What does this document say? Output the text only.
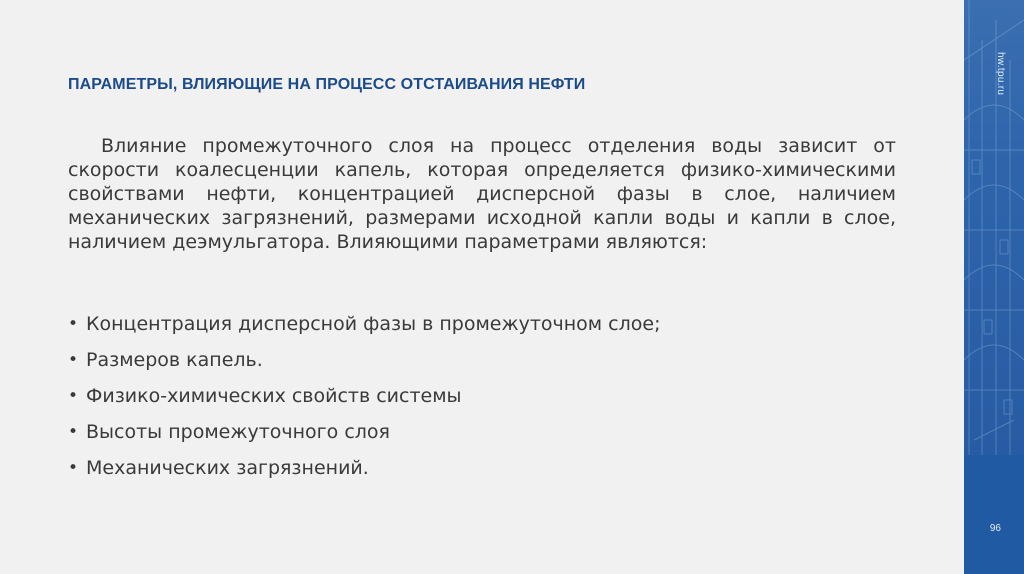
ПАРАМЕТРЫ, ВЛИЯЮЩИЕ НА ПРОЦЕСС ОТСТАИВАНИЯ НЕФТИ

Влияние промежуточного слоя на процесс отделения воды зависит от скорости коалесценции капель, которая определяется физико-химическими свойствами нефти, концентрацией дисперсной фазы в слое, наличием механических загрязнений, размерами исходной капли воды и капли в слое, наличием деэмульгатора. Влияющими параметрами являются:

• Концентрация дисперсной фазы в промежуточном слое;
• Размеров капель.
• Физико-химических свойств системы
• Высоты промежуточного слоя
• Механических загрязнений.
hw.tpu.ru
96
